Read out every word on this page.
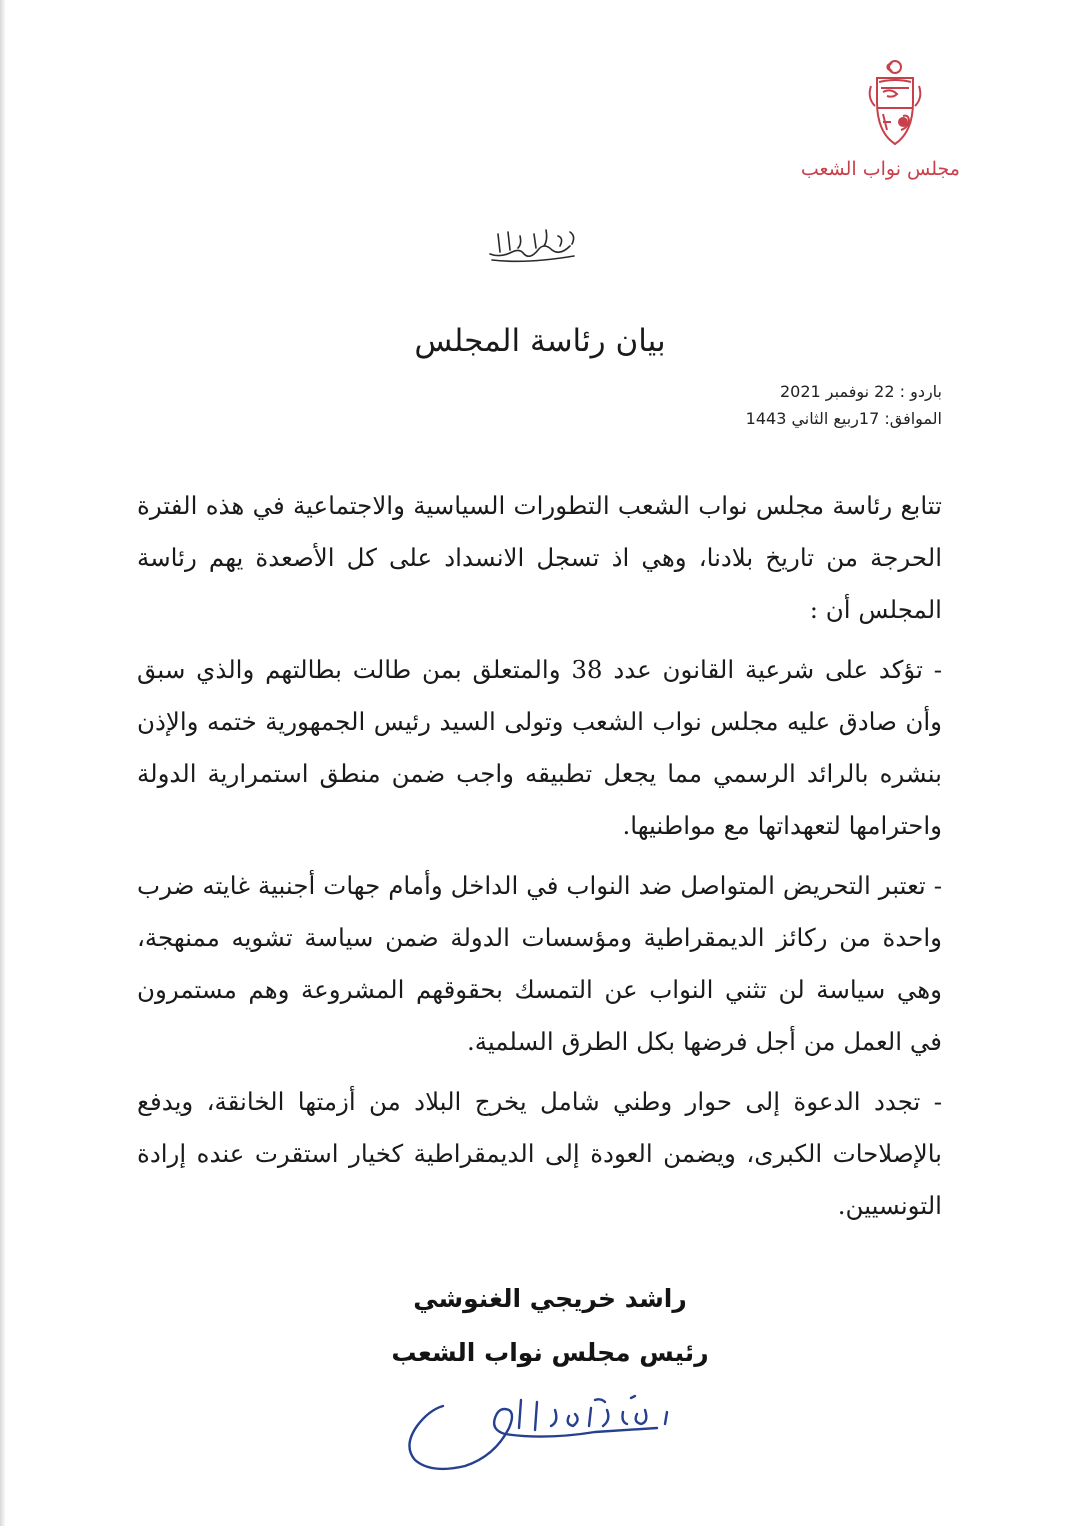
مجلس نواب الشعب
بيان رئاسة المجلس
باردو : 22 نوفمبر 2021
الموافق: 17ربيع الثاني 1443

تتابع رئاسة مجلس نواب الشعب التطورات السياسية والاجتماعية في هذه الفترة الحرجة من تاريخ بلادنا، وهي اذ تسجل الانسداد على كل الأصعدة يهم رئاسة المجلس أن :

- تؤكد على شرعية القانون عدد 38 والمتعلق بمن طالت بطالتهم والذي سبق وأن صادق عليه مجلس نواب الشعب وتولى السيد رئيس الجمهورية ختمه والإذن بنشره بالرائد الرسمي مما يجعل تطبيقه واجب ضمن منطق استمرارية الدولة واحترامها لتعهداتها مع مواطنيها.

- تعتبر التحريض المتواصل ضد النواب في الداخل وأمام جهات أجنبية غايته ضرب واحدة من ركائز الديمقراطية ومؤسسات الدولة ضمن سياسة تشويه ممنهجة، وهي سياسة لن تثني النواب عن التمسك بحقوقهم المشروعة وهم مستمرون في العمل من أجل فرضها بكل الطرق السلمية.

- تجدد الدعوة إلى حوار وطني شامل يخرج البلاد من أزمتها الخانقة، ويدفع بالإصلاحات الكبرى، ويضمن العودة إلى الديمقراطية كخيار استقرت عنده إرادة التونسيين.

راشد خريجي الغنوشي
رئيس مجلس نواب الشعب
